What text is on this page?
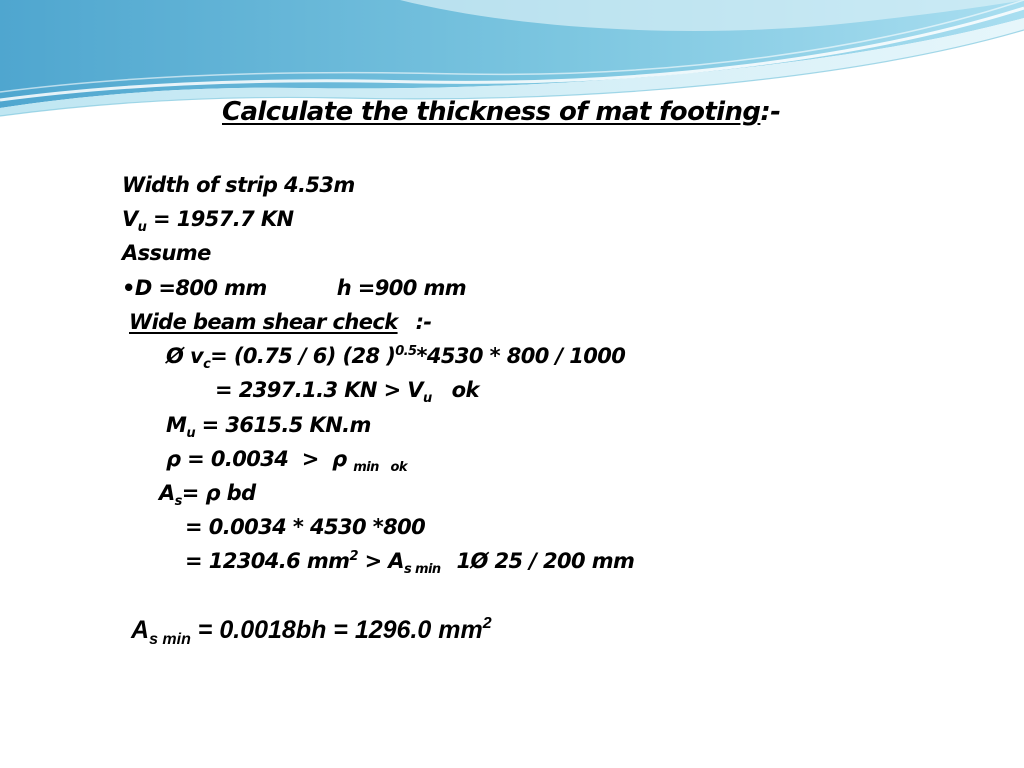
Calculate the thickness of mat footing:-
Width of strip 4.53m
$V_u = 1957.7$ KN
Assume
•D =800 mm	h =900 mm
Wide beam shear check :-
Ø $v_c= (0.75 / 6)$ (28 )$^{0.5}$*4530 * 800 / 1000
= 2397.1.3 KN > $V_u$ ok
$M_u = 3615.5$ KN.m
ρ = 0.0034  >  ρ $_{min ok}$
$A_s= \rho$ bd
= 0.0034 * 4530 *800
= 12304.6 $mm^2 > A_{s min}$ 1Ø 25 / 200 mm
$A_{s min} = 0.0018bh = 1296.0$ $mm^2$
